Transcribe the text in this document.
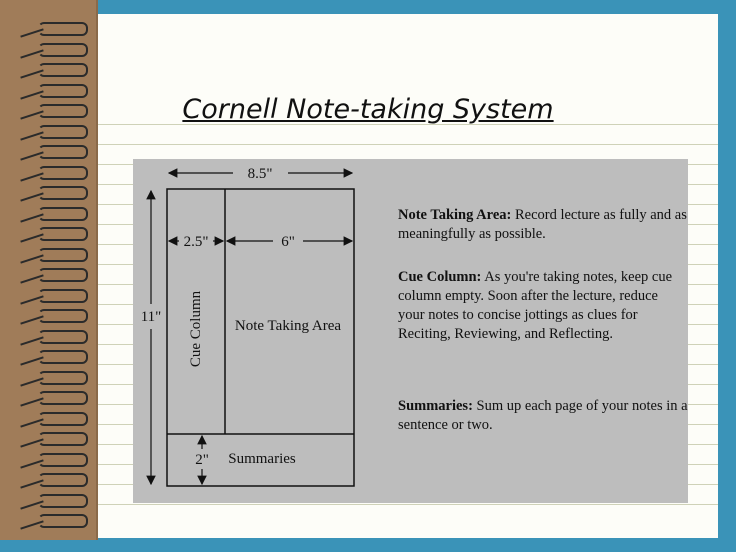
Cornell Note-taking System
8.5"
11"
2.5"	6"
2"
Cue Column Note Taking Area
Summaries
Note Taking Area: Record lecture as fully and as meaningfully as possible.
Cue Column: As you're taking notes, keep cue column empty. Soon after the lecture, reduce your notes to concise jottings as clues for Reciting, Reviewing, and Reflecting.
Summaries: Sum up each page of your notes in a sentence or two.
